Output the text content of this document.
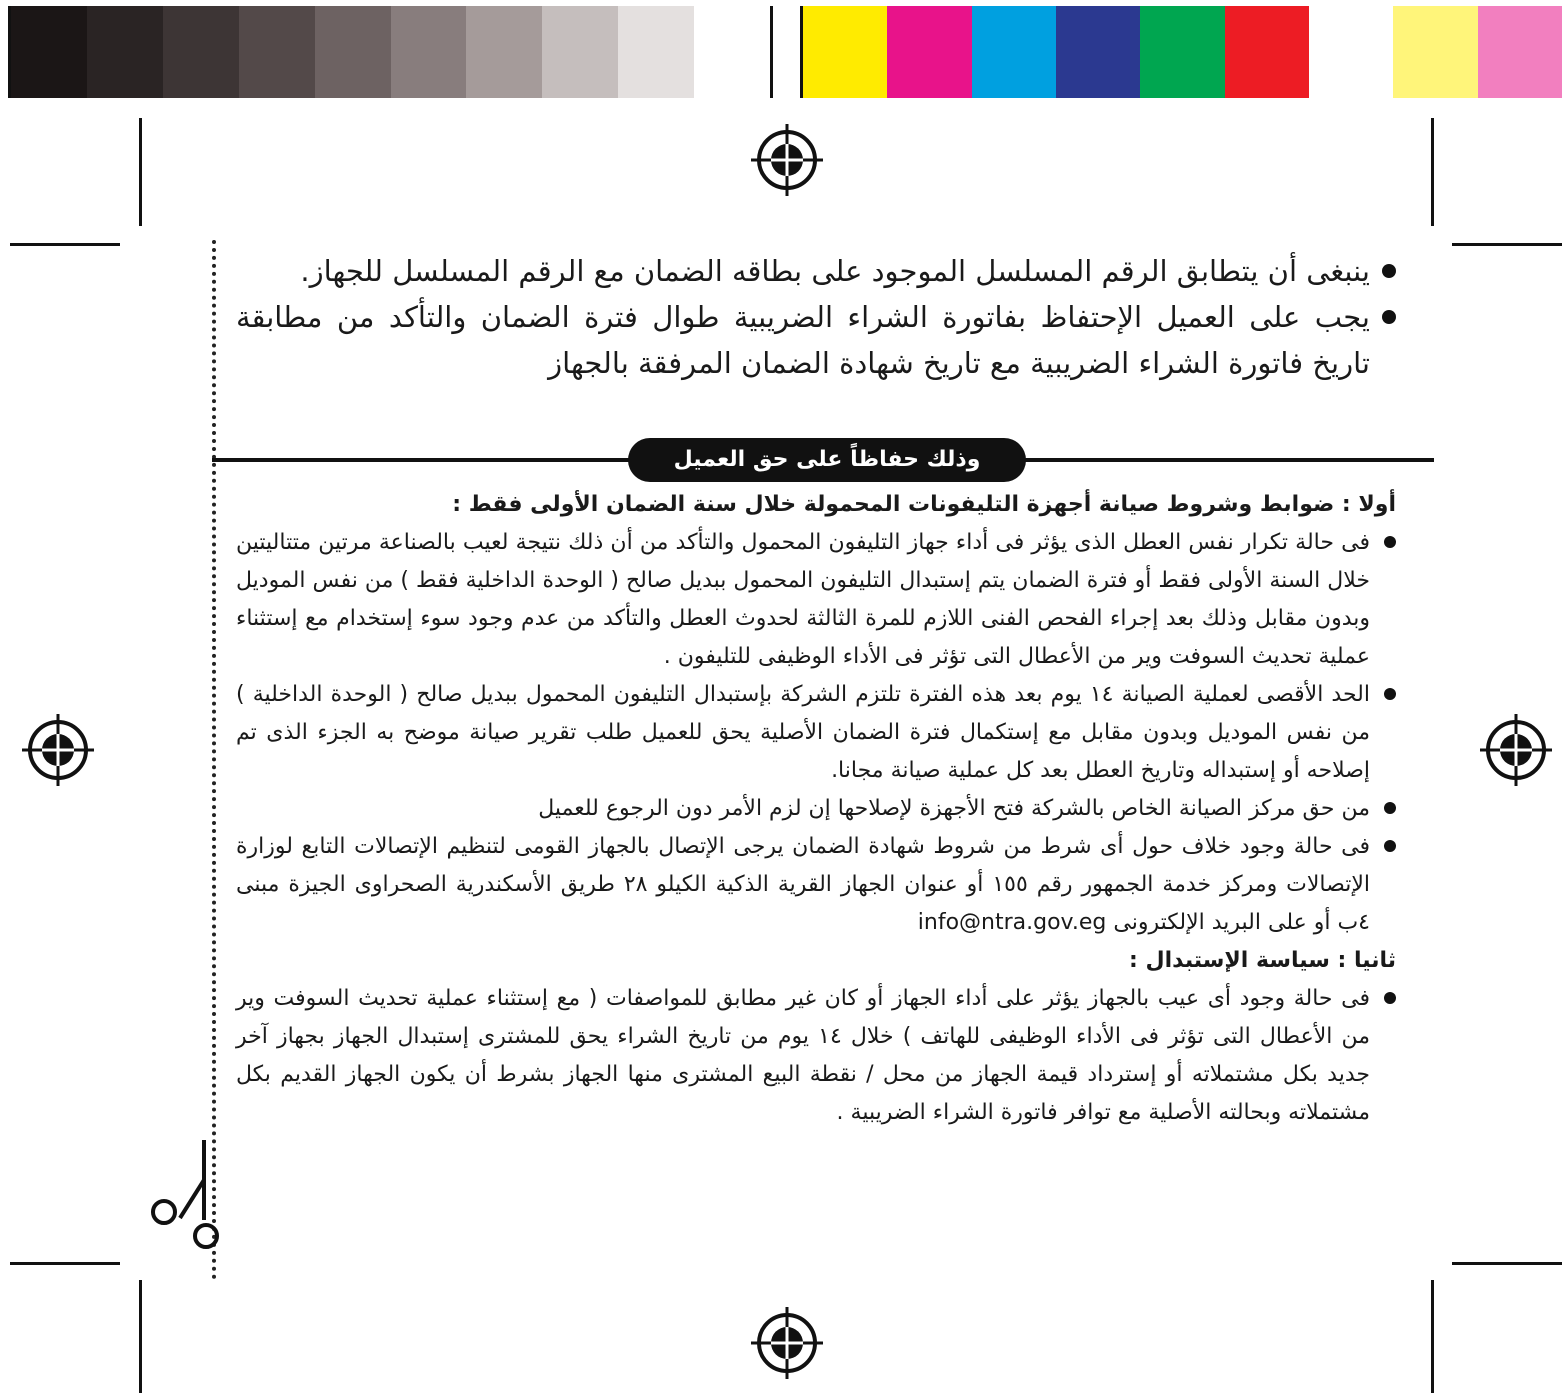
ينبغى أن يتطابق الرقم المسلسل الموجود على بطاقه الضمان مع الرقم المسلسل للجهاز.

يجب على العميل الإحتفاظ بفاتورة الشراء الضريبية طوال فترة الضمان والتأكد من مطابقة تاريخ فاتورة الشراء الضريبية مع تاريخ شهادة الضمان المرفقة بالجهاز

وذلك حفاظاً على حق العميل

أولا : ضوابط وشروط صيانة أجهزة التليفونات المحمولة خلال سنة الضمان الأولى فقط :

فى حالة تكرار نفس العطل الذى يؤثر فى أداء جهاز التليفون المحمول والتأكد من أن ذلك نتيجة لعيب بالصناعة مرتين متتاليتين خلال السنة الأولى فقط أو فترة الضمان يتم إستبدال التليفون المحمول ببديل صالح ( الوحدة الداخلية فقط ) من نفس الموديل وبدون مقابل وذلك بعد إجراء الفحص الفنى اللازم للمرة الثالثة لحدوث العطل والتأكد من عدم وجود سوء إستخدام مع إستثناء عملية تحديث السوفت وير من الأعطال التى تؤثر فى الأداء الوظيفى للتليفون .

الحد الأقصى لعملية الصيانة ١٤ يوم بعد هذه الفترة تلتزم الشركة بإستبدال التليفون المحمول ببديل صالح ( الوحدة الداخلية ) من نفس الموديل وبدون مقابل مع إستكمال فترة الضمان الأصلية يحق للعميل طلب تقرير صيانة موضح به الجزء الذى تم إصلاحه أو إستبداله وتاريخ العطل بعد كل عملية صيانة مجانا.

من حق مركز الصيانة الخاص بالشركة فتح الأجهزة لإصلاحها إن لزم الأمر دون الرجوع للعميل

فى حالة وجود خلاف حول أى شرط من شروط شهادة الضمان يرجى الإتصال بالجهاز القومى لتنظيم الإتصالات التابع لوزارة الإتصالات ومركز خدمة الجمهور رقم ١٥٥ أو عنوان الجهاز القرية الذكية الكيلو ٢٨ طريق الأسكندرية الصحراوى الجيزة مبنى ٤ب أو على البريد الإلكترونى info@ntra.gov.eg

ثانيا : سياسة الإستبدال :

فى حالة وجود أى عيب بالجهاز يؤثر على أداء الجهاز أو كان غير مطابق للمواصفات ( مع إستثناء عملية تحديث السوفت وير من الأعطال التى تؤثر فى الأداء الوظيفى للهاتف ) خلال ١٤ يوم من تاريخ الشراء يحق للمشترى إستبدال الجهاز بجهاز آخر جديد بكل مشتملاته أو إسترداد قيمة الجهاز من محل / نقطة البيع المشترى منها الجهاز بشرط أن يكون الجهاز القديم بكل مشتملاته وبحالته الأصلية مع توافر فاتورة الشراء الضريبية .
